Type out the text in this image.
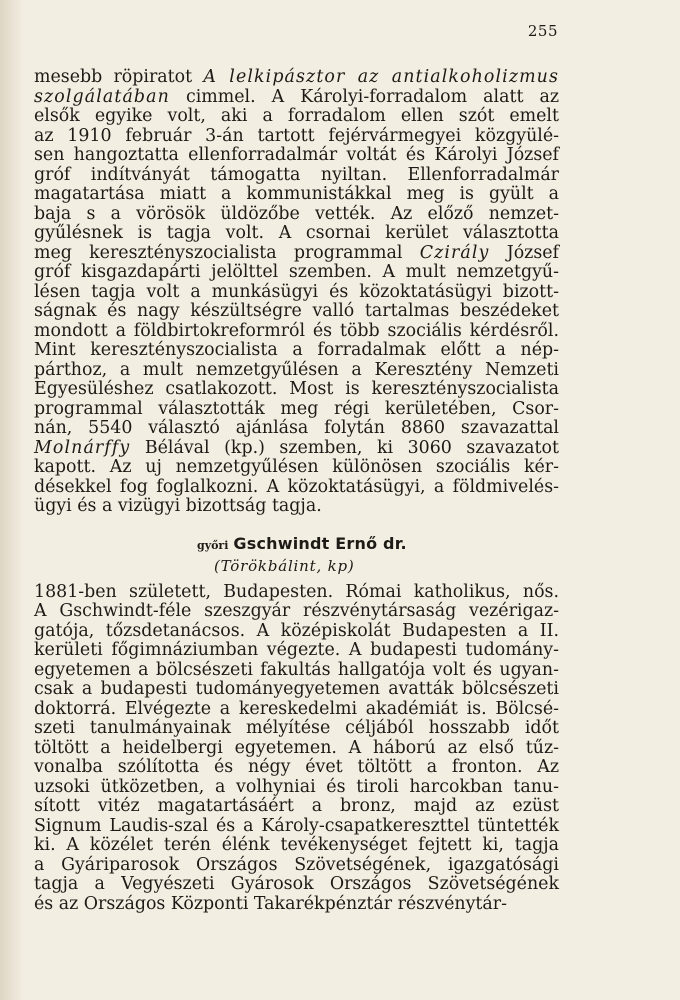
255
mesebb röpiratot A lelkipásztor az antialkoholizmus
szolgálatában cimmel. A Károlyi-forradalom alatt az
elsők egyike volt, aki a forradalom ellen szót emelt
az 1910 február 3-án tartott fejérvármegyei közgyülé-
sen hangoztatta ellenforradalmár voltát és Károlyi József
gróf indítványát támogatta nyiltan. Ellenforradalmár
magatartása miatt a kommunistákkal meg is gyült a
baja s a vörösök üldözőbe vették. Az előző nemzet-
gyűlésnek is tagja volt. A csornai kerület választotta
meg keresztényszocialista programmal Czirály József
gróf kisgazdapárti jelölttel szemben. A mult nemzetgyű-
lésen tagja volt a munkásügyi és közoktatásügyi bizott-
ságnak és nagy készültségre valló tartalmas beszédeket
mondott a földbirtokreformról és több szociális kérdésről.
Mint keresztényszocialista a forradalmak előtt a nép-
párthoz, a mult nemzetgyűlésen a Keresztény Nemzeti
Egyesüléshez csatlakozott. Most is keresztényszocialista
programmal választották meg régi kerületében, Csor-
nán, 5540 választó ajánlása folytán 8860 szavazattal
Molnárffy Bélával (kp.) szemben, ki 3060 szavazatot
kapott. Az uj nemzetgyűlésen különösen szociális kér-
désekkel fog foglalkozni. A közoktatásügyi, a földmivelés-
ügyi és a vizügyi bizottság tagja.
győri Gschwindt Ernő dr.
(Törökbálint, kp)
1881-ben született, Budapesten. Római katholikus, nős.
A Gschwindt-féle szeszgyár részvénytársaság vezérigaz-
gatója, tőzsdetanácsos. A középiskolát Budapesten a II.
kerületi főgimnáziumban végezte. A budapesti tudomány-
egyetemen a bölcsészeti fakultás hallgatója volt és ugyan-
csak a budapesti tudományegyetemen avatták bölcsészeti
doktorrá. Elvégezte a kereskedelmi akadémiát is. Bölcsé-
szeti tanulmányainak mélyítése céljából hosszabb időt
töltött a heidelbergi egyetemen. A háború az első tűz-
vonalba szólította és négy évet töltött a fronton. Az
uzsoki ütközetben, a volhyniai és tiroli harcokban tanu-
sított vitéz magatartásáért a bronz, majd az ezüst
Signum Laudis-szal és a Károly-csapatkereszttel tüntették
ki. A közélet terén élénk tevékenységet fejtett ki, tagja
a Gyáriparosok Országos Szövetségének, igazgatósági
tagja a Vegyészeti Gyárosok Országos Szövetségének
és az Országos Központi Takarékpénztár részvénytár-
